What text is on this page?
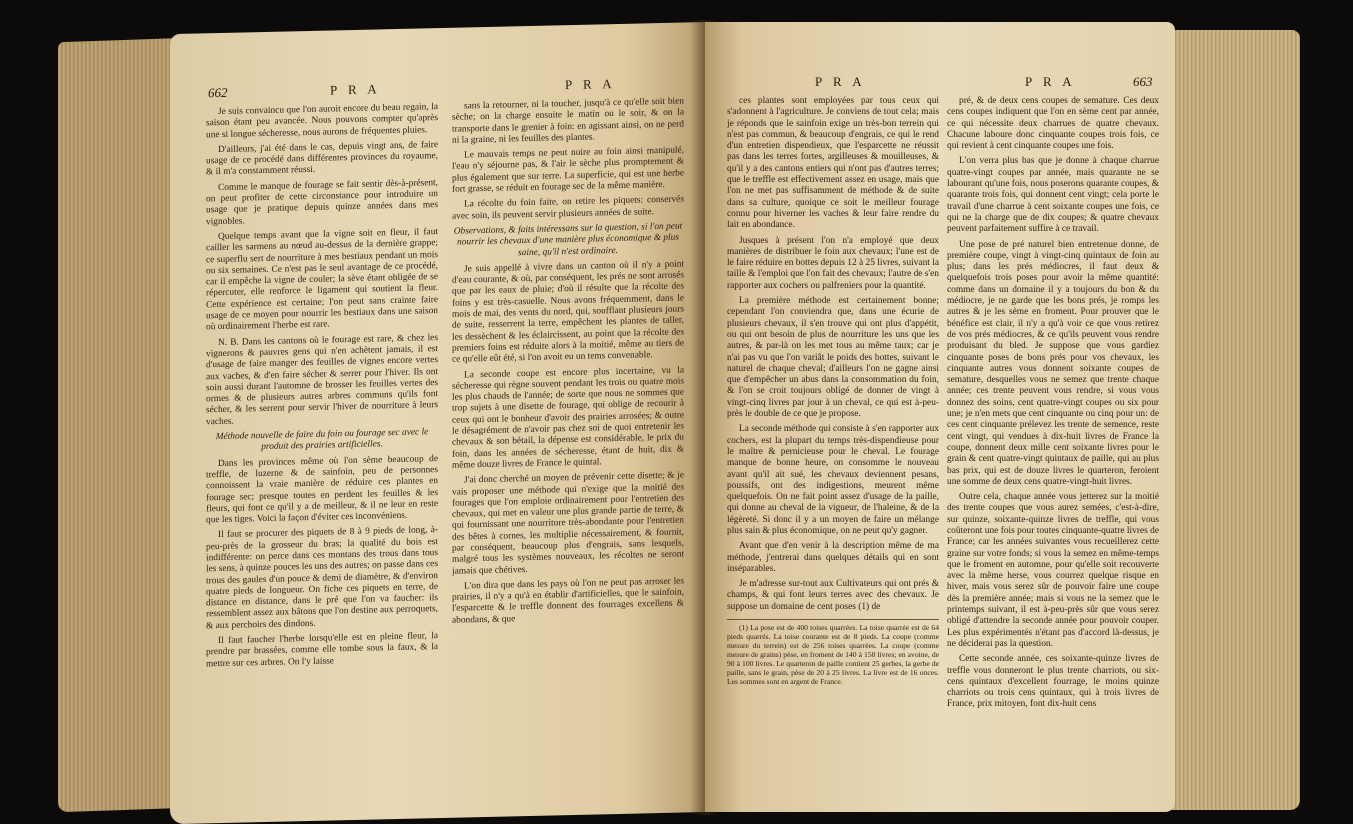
662	P R A	P R A

Je suis convaincu que l'on auroit encore du beau regain, la saison étant peu avancée. Nous pouvons compter qu'après une si longue sécheresse, nous aurons de fréquentes pluies.

D'ailleurs, j'ai été dans le cas, depuis vingt ans, de faire usage de ce procédé dans différentes provinces du royaume, & il m'a constamment réussi.

Comme le manque de fourage se fait sentir dès-à-présent, on peut profiter de cette circonstance pour introduire un usage que je pratique depuis quinze années dans mes vignobles.

Quelque temps avant que la vigne soit en fleur, il faut cailler les sarmens au nœud au-dessus de la dernière grappe; ce superflu sert de nourriture à mes bestiaux pendant un mois ou six semaines. Ce n'est pas le seul avantage de ce procédé, car il empêche la vigne de couler; la sève étant obligée de se répercuter, elle renforce le ligament qui soutient la fleur. Cette expérience est certaine; l'on peut sans crainte faire usage de ce moyen pour nourrir les bestiaux dans une saison où ordinairement l'herbe est rare.

N. B. Dans les cantons où le fourage est rare, & chez les vignerons & pauvres gens qui n'en achètent jamais, il est d'usage de faire manger des feuilles de vignes encore vertes aux vaches, & d'en faire sécher & serrer pour l'hiver. Ils ont soin aussi durant l'automne de brosser les feuilles vertes des ormes & de plusieurs autres arbres communs qu'ils font sécher, & les serrent pour servir l'hiver de nourriture à leurs vaches.

Méthode nouvelle de faire du foin ou fourage sec avec le produit des prairies artificielles.

Dans les provinces même où l'on sème beaucoup de treffle, de luzerne & de sainfoin, peu de personnes connoissent la vraie manière de réduire ces plantes en fourage sec; presque toutes en perdent les feuilles & les fleurs, qui font ce qu'il y a de meilleur, & il ne leur en reste que les tiges. Voici la façon d'éviter ces inconvéniens.

Il faut se procurer des piquets de 8 à 9 pieds de long, à-peu-près de la grosseur du bras; la qualité du bois est indifférente: on perce dans ces montans des trous dans tous les sens, à quinze pouces les uns des autres; on passe dans ces trous des gaules d'un pouce & demi de diamètre, & d'environ quatre pieds de longueur. On fiche ces piquets en terre, de distance en distance, dans le pré que l'on va faucher: ils ressemblent assez aux bâtons que l'on destine aux perroquets, & aux perchoirs des dindons.

Il faut faucher l'herbe lorsqu'elle est en pleine fleur, la prendre par brassées, comme elle tombe sous la faux, & la mettre sur ces arbres. On l'y laisse

sans la retourner, ni la toucher, jusqu'à ce qu'elle soit bien sèche; on la charge ensuite le matin ou le soir, & on la transporte dans le grenier à foin: en agissant ainsi, on ne perd ni la graine, ni les feuilles des plantes.

Le mauvais temps ne peut nuire au foin ainsi manipulé, l'eau n'y séjourne pas, & l'air le sèche plus promptement & plus également que sur terre. La superficie, qui est une herbe fort grasse, se réduit en fourage sec de la même manière.

La récolte du foin faite, on retire les piquets: conservés avec soin, ils peuvent servir plusieurs années de suite.

Observations, & faits intéressans sur la question, si l'on peut nourrir les chevaux d'une manière plus économique & plus saine, qu'il n'est ordinaire.

Je suis appellé à vivre dans un canton où il n'y a point d'eau courante, & où, par conséquent, les prés ne sont arrosés que par les eaux de pluie; d'où il résulte que la récolte des foins y est très-casuelle. Nous avons fréquemment, dans le mois de mai, des vents du nord, qui, soufflant plusieurs jours de suite, resserrent la terre, empêchent les plantes de taller, les dessèchent & les éclaircissent, au point que la récolte des premiers foins est réduite alors à la moitié, même au tiers de ce qu'elle eût été, si l'on avoit eu un tems convenable.

La seconde coupe est encore plus incertaine, vu la sécheresse qui règne souvent pendant les trois ou quatre mois les plus chauds de l'année; de sorte que nous ne sommes que trop sujets à une disette de fourage, qui oblige de recourir à ceux qui ont le bonheur d'avoir des prairies arrosées; & outre le désagrément de n'avoir pas chez soi de quoi entretenir les chevaux & son bétail, la dépense est considérable, le prix du foin, dans les années de sécheresse, étant de huit, dix & même douze livres de France le quintal.

J'ai donc cherché un moyen de prévenir cette disette; & je vais proposer une méthode qui n'exige que la moitié des fourages que l'on emploie ordinairement pour l'entretien des chevaux, qui met en valeur une plus grande partie de terre, & qui fournissant une nourriture très-abondante pour l'entretien des bêtes à cornes, les multiplie nécessairement, & fournit, par conséquent, beaucoup plus d'engrais, sans lesquels, malgré tous les systèmes nouveaux, les récoltes ne seront jamais que chétives.

L'on dira que dans les pays où l'on ne peut pas arroser les prairies, il n'y a qu'à en établir d'artificielles, que le sainfoin, l'esparcette & le treffle donnent des fourrages excellens & abondans, & que

P R A	P R A	663

ces plantes sont employées par tous ceux qui s'adonnent à l'agriculture. Je conviens de tout cela; mais je réponds que le sainfoin exige un très-bon terrein qui n'est pas commun, & beaucoup d'engrais, ce qui le rend d'un entretien dispendieux, que l'esparcette ne réussit pas dans les terres fortes, argilleuses & mouilleuses, & qu'il y a des cantons entiers qui n'ont pas d'autres terres; que le treffle est effectivement assez en usage, mais que l'on ne met pas suffisamment de méthode & de suite dans sa culture, quoique ce soit le meilleur fourage connu pour hiverner les vaches & leur faire rendre du lait en abondance.

Jusques à présent l'on n'a employé que deux manières de distribuer le foin aux chevaux; l'une est de le faire réduire en bottes depuis 12 à 25 livres, suivant la taille & l'emploi que l'on fait des chevaux; l'autre de s'en rapporter aux cochers ou palfreniers pour la quantité.

La première méthode est certainement bonne; cependant l'on conviendra que, dans une écurie de plusieurs chevaux, il s'en trouve qui ont plus d'appétit, ou qui ont besoin de plus de nourriture les uns que les autres, & par-là on les met tous au même taux; car je n'ai pas vu que l'on variât le poids des bottes, suivant le naturel de chaque cheval; d'ailleurs l'on ne gagne ainsi que d'empêcher un abus dans la consommation du foin, & l'on se croit toujours obligé de donner de vingt à vingt-cinq livres par jour à un cheval, ce qui est à-peu-près le double de ce que je propose.

La seconde méthode qui consiste à s'en rapporter aux cochers, est la plupart du temps très-dispendieuse pour le maître & pernicieuse pour le cheval. Le fourage manque de bonne heure, on consomme le nouveau avant qu'il ait sué, les chevaux deviennent pesans, poussifs, ont des indigestions, meurent même quelquefois. On ne fait point assez d'usage de la paille, qui donne au cheval de la vigueur, de l'haleine, & de la légèreté. Si donc il y a un moyen de faire un mélange plus sain & plus économique, on ne peut qu'y gagner.

Avant que d'en venir à la description même de ma méthode, j'entrerai dans quelques détails qui en sont inséparables.

Je m'adresse sur-tout aux Cultivateurs qui ont prés & champs, & qui font leurs terres avec des chevaux. Je suppose un domaine de cent poses (1) de

(1) La pose est de 400 toises quarrées. La toise quarrée est de 64 pieds quarrés. La toise courante est de 8 pieds. La coupe (comme mesure du terrein) est de 256 toises quarrées. La coupe (comme mesure de grains) pèse, en froment de 140 à 150 livres; en avoine, de 90 à 100 livres. Le quarteron de paille contient 25 gerbes, la gerbe de paille, sans le grain, pèse de 20 à 25 livres. La livre est de 16 onces. Les sommes sont en argent de France.

pré, & de deux cens coupes de semature. Ces deux cens coupes indiquent que l'on en sème cent par année, ce qui nécessite deux charrues de quatre chevaux. Chacune laboure donc cinquante coupes trois fois, ce qui revient à cent cinquante coupes une fois.

L'on verra plus bas que je donne à chaque charrue quatre-vingt coupes par année, mais quarante ne se labourant qu'une fois, nous poserons quarante coupes, & quarante trois fois, qui donnent cent vingt; cela porte le travail d'une charrue à cent soixante coupes une fois, ce qui ne la charge que de dix coupes; & quatre chevaux peuvent parfaitement suffire à ce travail.

Une pose de pré naturel bien entretenue donne, de première coupe, vingt à vingt-cinq quintaux de foin au plus; dans les prés médiocres, il faut deux & quelquefois trois poses pour avoir la même quantité: comme dans un domaine il y a toujours du bon & du médiocre, je ne garde que les bons prés, je romps les autres & je les sème en froment. Pour prouver que le bénéfice est clair, il n'y a qu'à voir ce que vous retirez de vos prés médiocres, & ce qu'ils peuvent vous rendre produisant du bled. Je suppose que vous gardiez cinquante poses de bons prés pour vos chevaux, les cinquante autres vous donnent soixante coupes de semature, desquelles vous ne semez que trente chaque année; ces trente peuvent vous rendre, si vous vous donnez des soins, cent quatre-vingt coupes ou six pour une; je n'en mets que cent cinquante ou cinq pour un: de ces cent cinquante prélevez les trente de semence, reste cent vingt, qui vendues à dix-huit livres de France la coupe, donnent deux mille cent soixante livres pour le grain & cent quatre-vingt quintaux de paille, qui au plus bas prix, qui est de douze livres le quarteron, feroient une somme de deux cens quatre-vingt-huit livres.

Outre cela, chaque année vous jetterez sur la moitié des trente coupes que vous aurez semées, c'est-à-dire, sur quinze, soixante-quinze livres de treffle, qui vous coûteront une fois pour toutes cinquante-quatre livres de France; car les années suivantes vous recueillerez cette graine sur votre fonds; si vous la semez en même-temps que le froment en automne, pour qu'elle soit recouverte avec la même herse, vous courrez quelque risque en hiver, mais vous serez sûr de pouvoir faire une coupe dès la première année; mais si vous ne la semez que le printemps suivant, il est à-peu-près sûr que vous serez obligé d'attendre la seconde année pour pouvoir couper. Les plus expérimentés n'étant pas d'accord là-dessus, je ne déciderai pas la question.

Cette seconde année, ces soixante-quinze livres de treffle vous donneront le plus trente charriots, ou six-cens quintaux d'excellent fourrage, le moins quinze charriots ou trois cens quintaux, qui à trois livres de France, prix mitoyen, font dix-huit cens
